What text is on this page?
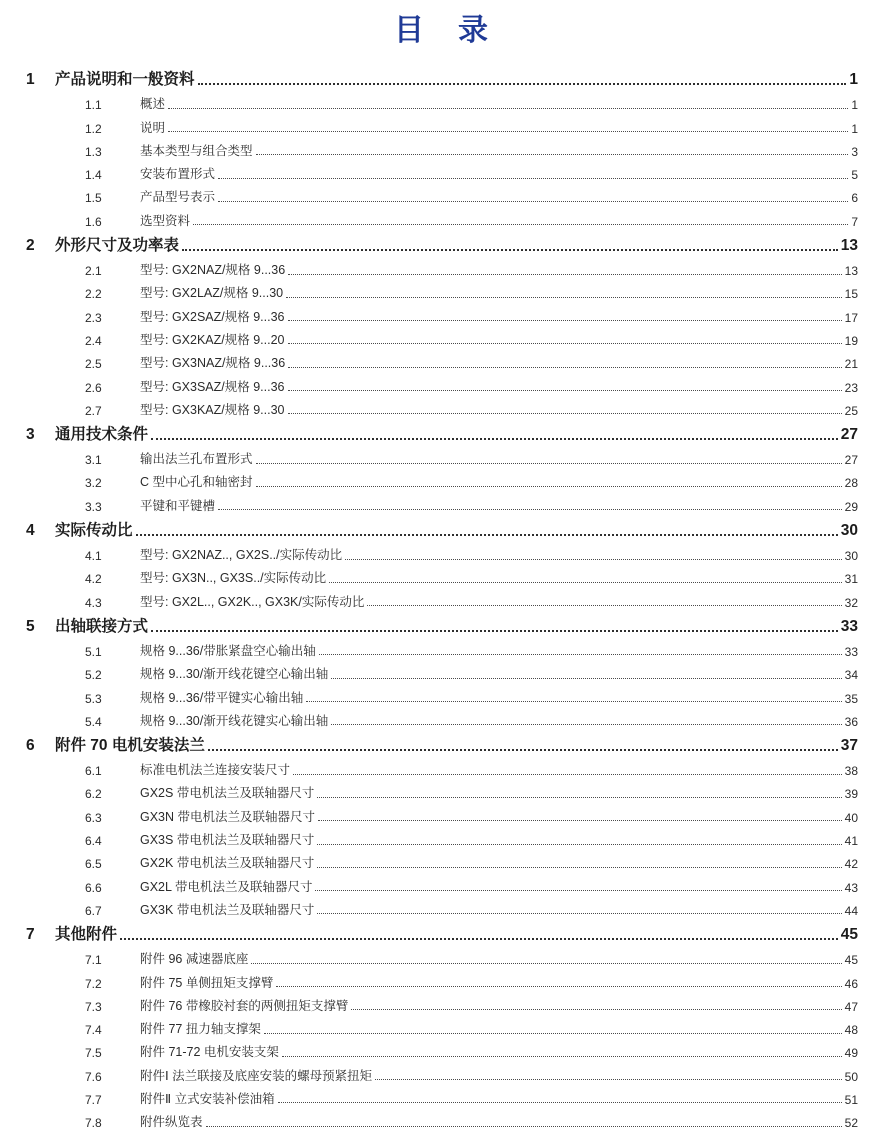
目　录
1	产品说明和一般资料	1
1.1	概述	1
1.2	说明	1
1.3	基本类型与组合类型	3
1.4	安装布置形式	5
1.5	产品型号表示	6
1.6	选型资料	7
2	外形尺寸及功率表	13
2.1	型号: GX2NAZ/规格 9...36	13
2.2	型号: GX2LAZ/规格 9...30	15
2.3	型号: GX2SAZ/规格 9...36	17
2.4	型号: GX2KAZ/规格 9...20	19
2.5	型号: GX3NAZ/规格 9...36	21
2.6	型号: GX3SAZ/规格 9...36	23
2.7	型号: GX3KAZ/规格 9...30	25
3	通用技术条件	27
3.1	输出法兰孔布置形式	27
3.2	C 型中心孔和轴密封	28
3.3	平键和平键槽	29
4	实际传动比	30
4.1	型号: GX2NAZ.., GX2S../实际传动比	30
4.2	型号: GX3N.., GX3S../实际传动比	31
4.3	型号: GX2L.., GX2K.., GX3K/实际传动比	32
5	出轴联接方式	33
5.1	规格 9...36/带胀紧盘空心输出轴	33
5.2	规格 9...30/渐开线花键空心输出轴	34
5.3	规格 9...36/带平键实心输出轴	35
5.4	规格 9...30/渐开线花键实心输出轴	36
6	附件 70 电机安装法兰	37
6.1	标准电机法兰连接安装尺寸	38
6.2	GX2S 带电机法兰及联轴器尺寸	39
6.3	GX3N 带电机法兰及联轴器尺寸	40
6.4	GX3S 带电机法兰及联轴器尺寸	41
6.5	GX2K 带电机法兰及联轴器尺寸	42
6.6	GX2L 带电机法兰及联轴器尺寸	43
6.7	GX3K 带电机法兰及联轴器尺寸	44
7	其他附件	45
7.1	附件 96 减速器底座	45
7.2	附件 75 单侧扭矩支撑臂	46
7.3	附件 76 带橡胶衬套的两侧扭矩支撑臂	47
7.4	附件 77 扭力轴支撑架	48
7.5	附件 71-72 电机安装支架	49
7.6	附件Ⅰ 法兰联接及底座安装的螺母预紧扭矩	50
7.7	附件Ⅱ 立式安装补偿油箱	51
7.8	附件纵览表	52
